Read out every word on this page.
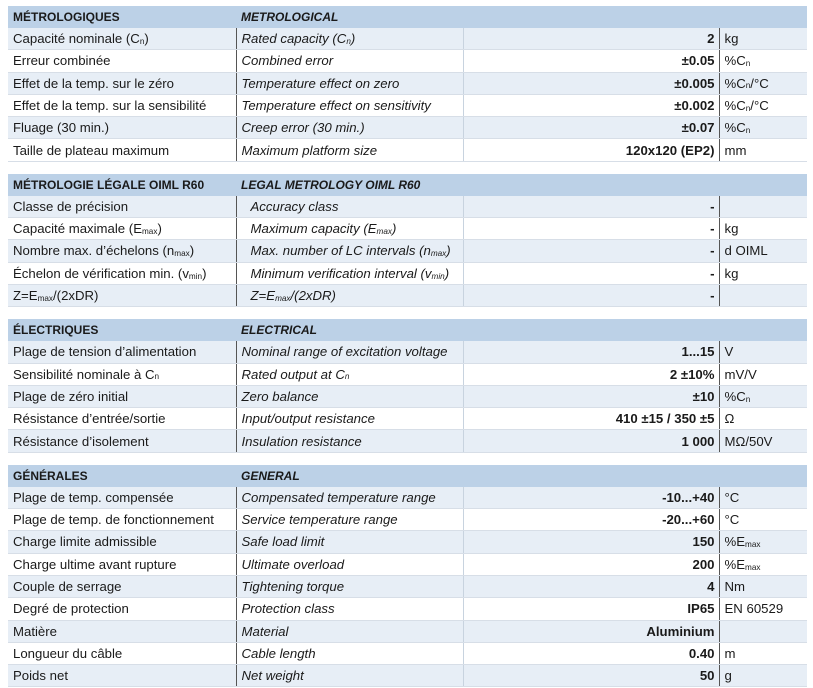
MÉTROLOGIQUES	METROLOGICAL		
Capacité nominale $(C_n)$	Rated capacity $(C_n)$	2	kg
Erreur combinée	Combined error	±0.05	$\%C_n$
Effet de la temp. sur le zéro	Temperature effect on zero	±0.005	$\%C_n/^\circ C$
Effet de la temp. sur la sensibilité	Temperature effect on sensitivity	±0.002	$\%C_n/^\circ C$
Fluage (30 min.)	Creep error (30 min.)	±0.07	$\%C_n$
Taille de plateau maximum	Maximum platform size	120x120 (EP2)	mm
MÉTROLOGIE LÉGALE OIML R60	LEGAL METROLOGY OIML R60		
Classe de précision	Accuracy class	-	
Capacité maximale $(E_{max})$	Maximum capacity $(E_{max})$	-	kg
Nombre max. d’échelons $(n_{max})$	Max. number of LC intervals $(n_{max})$	-	d OIML
Échelon de vérification min. $(v_{min})$	Minimum verification interval $(v_{min})$	-	kg
$Z=E_{max}/(2xDR)$	$Z=E_{max}/(2xDR)$	-	
ÉLECTRIQUES	ELECTRICAL		
Plage de tension d’alimentation	Nominal range of excitation voltage	1...15	V
Sensibilité nominale à $C_n$	Rated output at $C_n$	2 ±10%	mV/V
Plage de zéro initial	Zero balance	±10	$\%C_n$
Résistance d’entrée/sortie	Input/output resistance	410 ±15 / 350 ±5	Ω
Résistance d’isolement	Insulation resistance	1 000	MΩ/50V
GÉNÉRALES	GENERAL		
Plage de temp. compensée	Compensated temperature range	-10...+40	°C
Plage de temp. de fonctionnement	Service temperature range	-20...+60	°C
Charge limite admissible	Safe load limit	150	$\%E_{max}$
Charge ultime avant rupture	Ultimate overload	200	$\%E_{max}$
Couple de serrage	Tightening torque	4	Nm
Degré de protection	Protection class	IP65	EN 60529
Matière	Material	Aluminium	
Longueur du câble	Cable length	0.40	m
Poids net	Net weight	50	g
